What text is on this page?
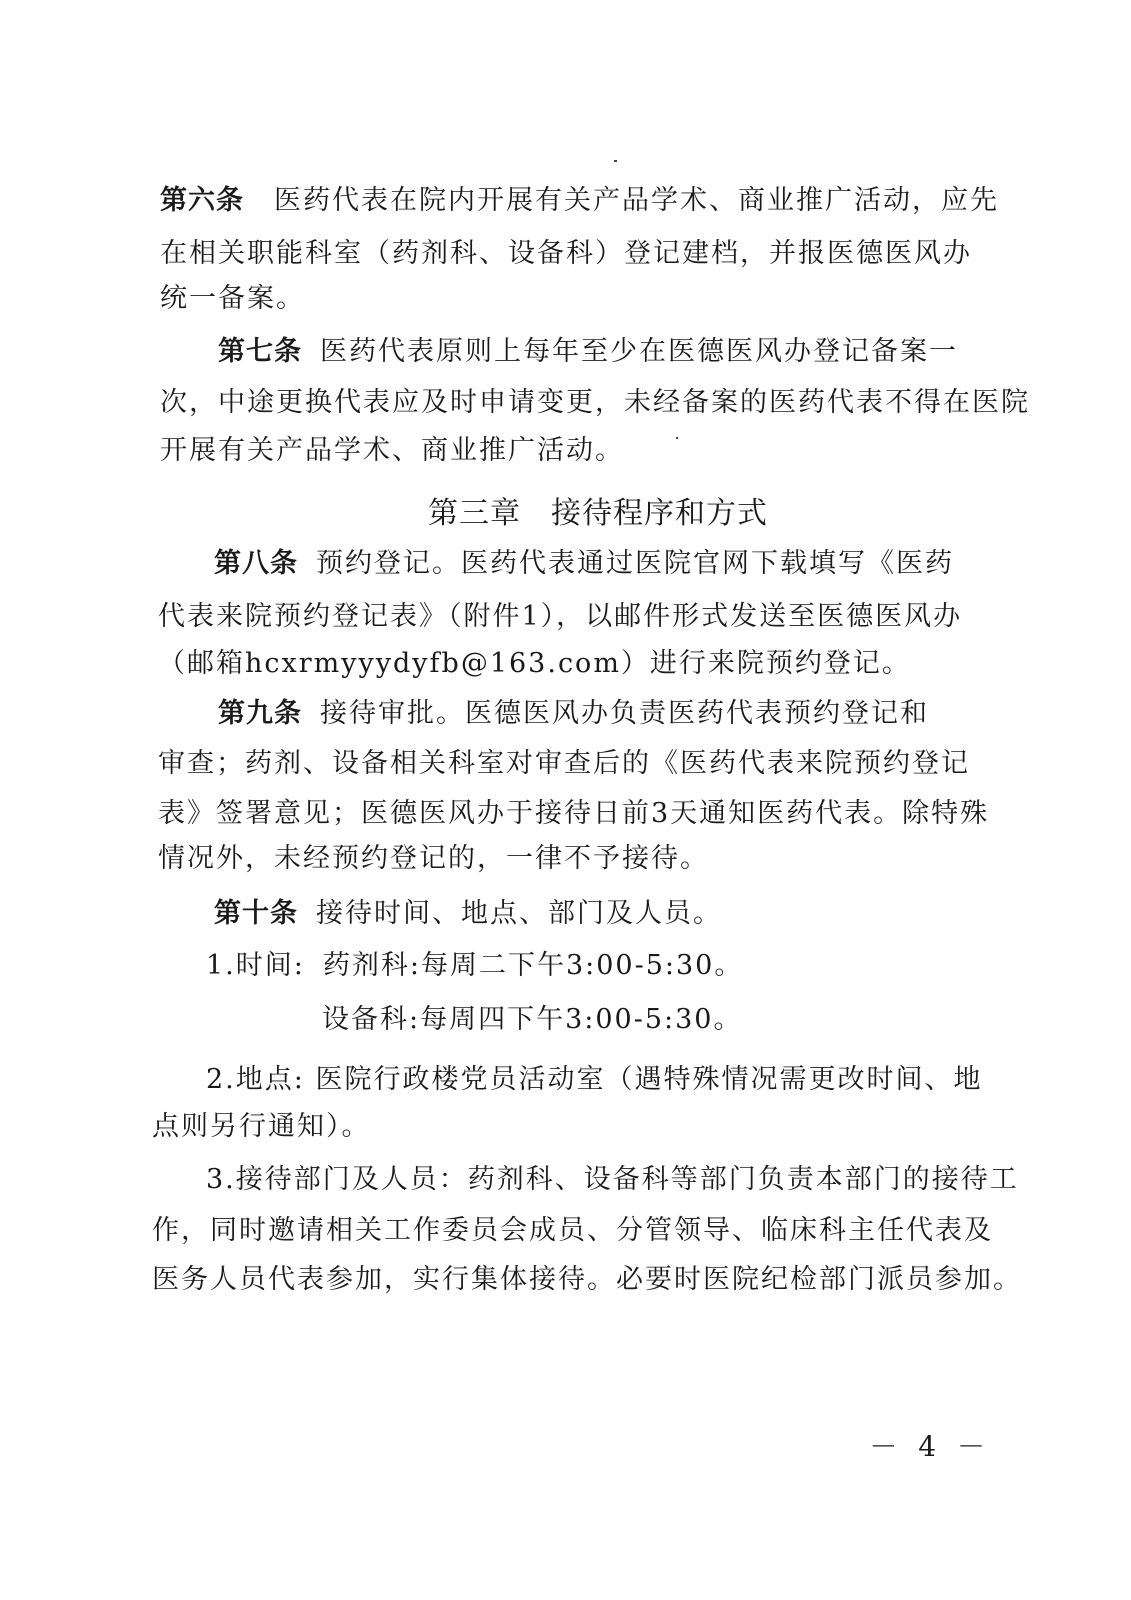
第六条 医药代表在院内开展有关产品学术、商业推广活动，应先
在相关职能科室（药剂科、设备科）登记建档，并报医德医风办
统一备案。
第七条 医药代表原则上每年至少在医德医风办登记备案一
次，中途更换代表应及时申请变更，未经备案的医药代表不得在医院
开展有关产品学术、商业推广活动。
第三章 接待程序和方式
第八条 预约登记。医药代表通过医院官网下载填写《医药
代表来院预约登记表》（附件1），以邮件形式发送至医德医风办
（邮箱hcxrmyyydyfb@163.com）进行来院预约登记。
第九条 接待审批。医德医风办负责医药代表预约登记和
审查；药剂、设备相关科室对审查后的《医药代表来院预约登记
表》签署意见；医德医风办于接待日前3天通知医药代表。除特殊
情况外，未经预约登记的，一律不予接待。
第十条 接待时间、地点、部门及人员。
1.时间: 药剂科:每周二下午3:00-5:30。
设备科:每周四下午3:00-5:30。
2.地点: 医院行政楼党员活动室（遇特殊情况需更改时间、地
点则另行通知）。
3.接待部门及人员：药剂科、设备科等部门负责本部门的接待工
作，同时邀请相关工作委员会成员、分管领导、临床科主任代表及
医务人员代表参加，实行集体接待。必要时医院纪检部门派员参加。
－ 4 －
